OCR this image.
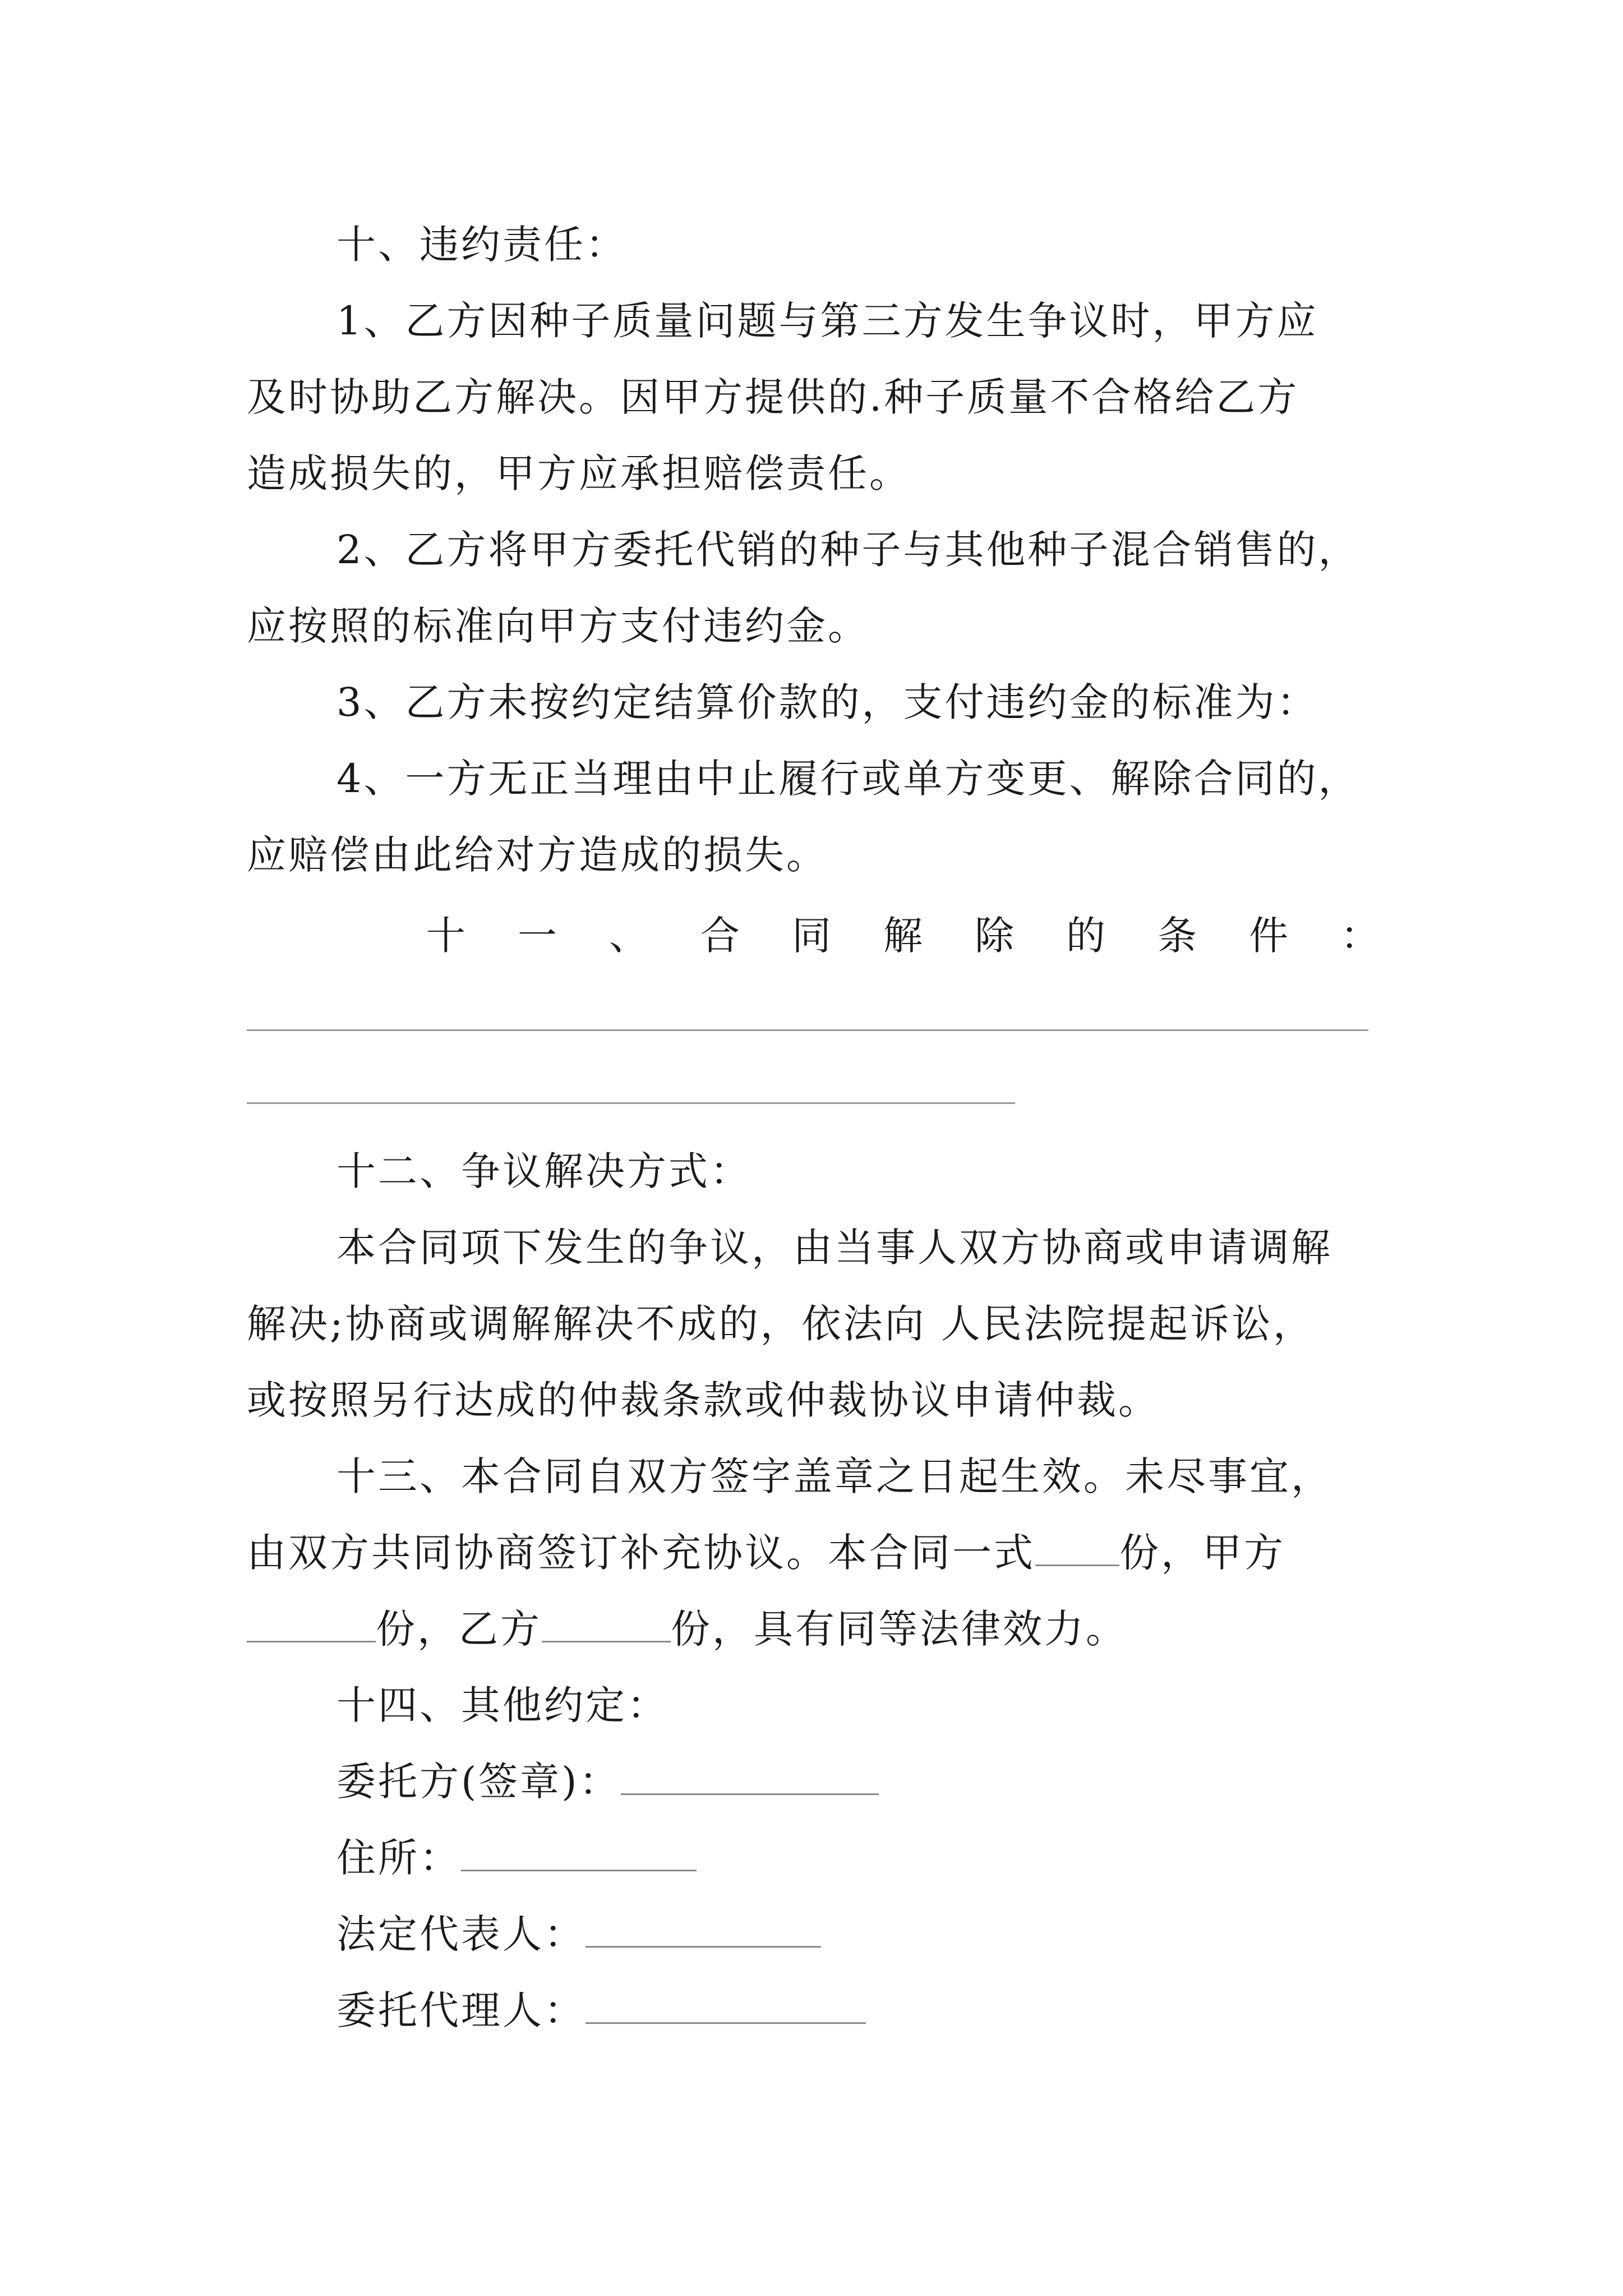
十、违约责任：
1、乙方因种子质量问题与第三方发生争议时，甲方应
及时协助乙方解决。因甲方提供的.种子质量不合格给乙方
造成损失的，甲方应承担赔偿责任。
2、乙方将甲方委托代销的种子与其他种子混合销售的，
应按照的标准向甲方支付违约金。
3、乙方未按约定结算价款的，支付违约金的标准为：
4、一方无正当理由中止履行或单方变更、解除合同的，
应赔偿由此给对方造成的损失。
十 一 、 合 同 解 除 的 条 件 ：
十二、争议解决方式：
本合同项下发生的争议，由当事人双方协商或申请调解
解决;协商或调解解决不成的，依法向 人民法院提起诉讼，
或按照另行达成的仲裁条款或仲裁协议申请仲裁。
十三、本合同自双方签字盖章之日起生效。未尽事宜，
由双方共同协商签订补充协议。本合同一式 份，甲方
份，乙方	份，具有同等法律效力。
十四、其他约定：
委托方(签章)：
住所：
法定代表人：
委托代理人：
